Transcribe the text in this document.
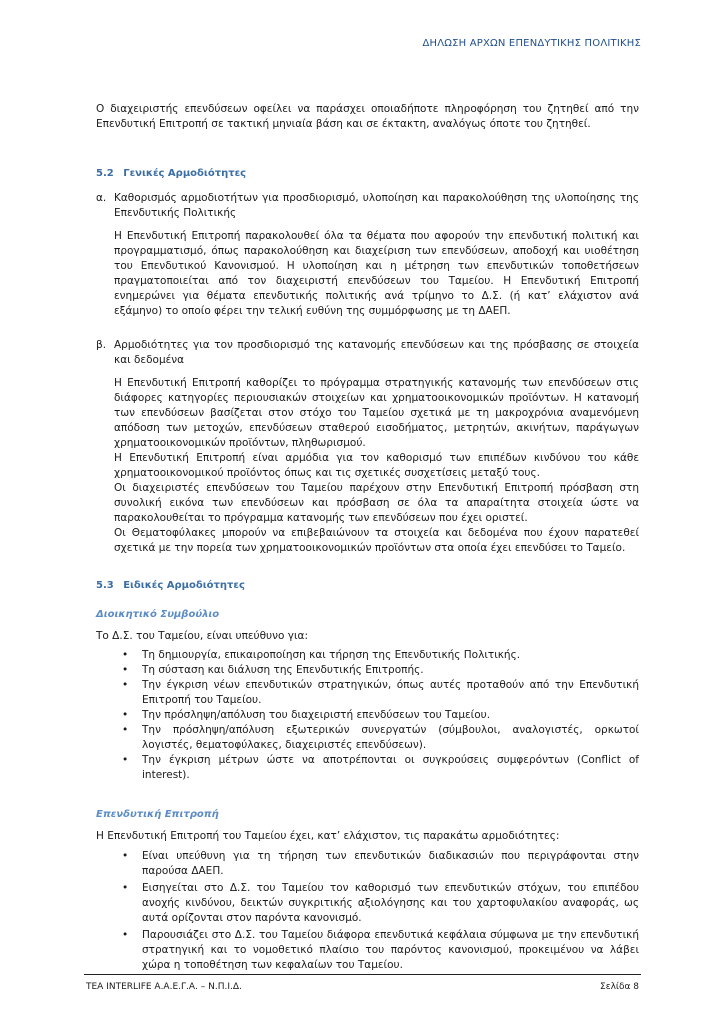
ΔΗΛΩΣΗ ΑΡΧΩΝ ΕΠΕΝΔΥΤΙΚΗΣ ΠΟΛΙΤΙΚΗΣ

Ο διαχειριστής επενδύσεων οφείλει να παράσχει οποιαδήποτε πληροφόρηση του ζητηθεί από την Επενδυτική Επιτροπή σε τακτική μηνιαία βάση και σε έκτακτη, αναλόγως όποτε του ζητηθεί.

5.2 Γενικές Αρμοδιότητες

α. Καθορισμός αρμοδιοτήτων για προσδιορισμό, υλοποίηση και παρακολούθηση της υλοποίησης της Επενδυτικής Πολιτικής

Η Επενδυτική Επιτροπή παρακολουθεί όλα τα θέματα που αφορούν την επενδυτική πολιτική και προγραμματισμό, όπως παρακολούθηση και διαχείριση των επενδύσεων, αποδοχή και υιοθέτηση του Επενδυτικού Κανονισμού. Η υλοποίηση και η μέτρηση των επενδυτικών τοποθετήσεων πραγματοποιείται από τον διαχειριστή επενδύσεων του Ταμείου. Η Επενδυτική Επιτροπή ενημερώνει για θέματα επενδυτικής πολιτικής ανά τρίμηνο το Δ.Σ. (ή κατ’ ελάχιστον ανά εξάμηνο) το οποίο φέρει την τελική ευθύνη της συμμόρφωσης με τη ΔΑΕΠ.

β. Αρμοδιότητες για τον προσδιορισμό της κατανομής επενδύσεων και της πρόσβασης σε στοιχεία και δεδομένα

Η Επενδυτική Επιτροπή καθορίζει το πρόγραμμα στρατηγικής κατανομής των επενδύσεων στις διάφορες κατηγορίες περιουσιακών στοιχείων και χρηματοοικονομικών προϊόντων. Η κατανομή των επενδύσεων βασίζεται στον στόχο του Ταμείου σχετικά με τη μακροχρόνια αναμενόμενη απόδοση των μετοχών, επενδύσεων σταθερού εισοδήματος, μετρητών, ακινήτων, παράγωγων χρηματοοικονομικών προϊόντων, πληθωρισμού.

Η Επενδυτική Επιτροπή είναι αρμόδια για τον καθορισμό των επιπέδων κινδύνου του κάθε χρηματοοικονομικού προϊόντος όπως και τις σχετικές συσχετίσεις μεταξύ τους.

Οι διαχειριστές επενδύσεων του Ταμείου παρέχουν στην Επενδυτική Επιτροπή πρόσβαση στη συνολική εικόνα των επενδύσεων και πρόσβαση σε όλα τα απαραίτητα στοιχεία ώστε να παρακολουθείται το πρόγραμμα κατανομής των επενδύσεων που έχει οριστεί.

Οι Θεματοφύλακες μπορούν να επιβεβαιώνουν τα στοιχεία και δεδομένα που έχουν παρατεθεί σχετικά με την πορεία των χρηματοοικονομικών προϊόντων στα οποία έχει επενδύσει το Ταμείο.

5.3 Ειδικές Αρμοδιότητες

Διοικητικό Συμβούλιο

Το Δ.Σ. του Ταμείου, είναι υπεύθυνο για:

• Τη δημιουργία, επικαιροποίηση και τήρηση της Επενδυτικής Πολιτικής.
• Τη σύσταση και διάλυση της Επενδυτικής Επιτροπής.
• Την έγκριση νέων επενδυτικών στρατηγικών, όπως αυτές προταθούν από την Επενδυτική Επιτροπή του Ταμείου.
• Την πρόσληψη/απόλυση του διαχειριστή επενδύσεων του Ταμείου.
• Την πρόσληψη/απόλυση εξωτερικών συνεργατών (σύμβουλοι, αναλογιστές, ορκωτοί λογιστές, θεματοφύλακες, διαχειριστές επενδύσεων).
• Την έγκριση μέτρων ώστε να αποτρέπονται οι συγκρούσεις συμφερόντων (Conflict of interest).

Επενδυτική Επιτροπή

Η Επενδυτική Επιτροπή του Ταμείου έχει, κατ’ ελάχιστον, τις παρακάτω αρμοδιότητες:

• Είναι υπεύθυνη για τη τήρηση των επενδυτικών διαδικασιών που περιγράφονται στην παρούσα ΔΑΕΠ.
• Εισηγείται στο Δ.Σ. του Ταμείου τον καθορισμό των επενδυτικών στόχων, του επιπέδου ανοχής κινδύνου, δεικτών συγκριτικής αξιολόγησης και του χαρτοφυλακίου αναφοράς, ως αυτά ορίζονται στον παρόντα κανονισμό.
• Παρουσιάζει στο Δ.Σ. του Ταμείου διάφορα επενδυτικά κεφάλαια σύμφωνα με την επενδυτική στρατηγική και το νομοθετικό πλαίσιο του παρόντος κανονισμού, προκειμένου να λάβει χώρα η τοποθέτηση των κεφαλαίων του Ταμείου.
ΤΕΑ INTERLIFE Α.Α.Ε.Γ.Α. – Ν.Π.Ι.Δ.	Σελίδα 8
